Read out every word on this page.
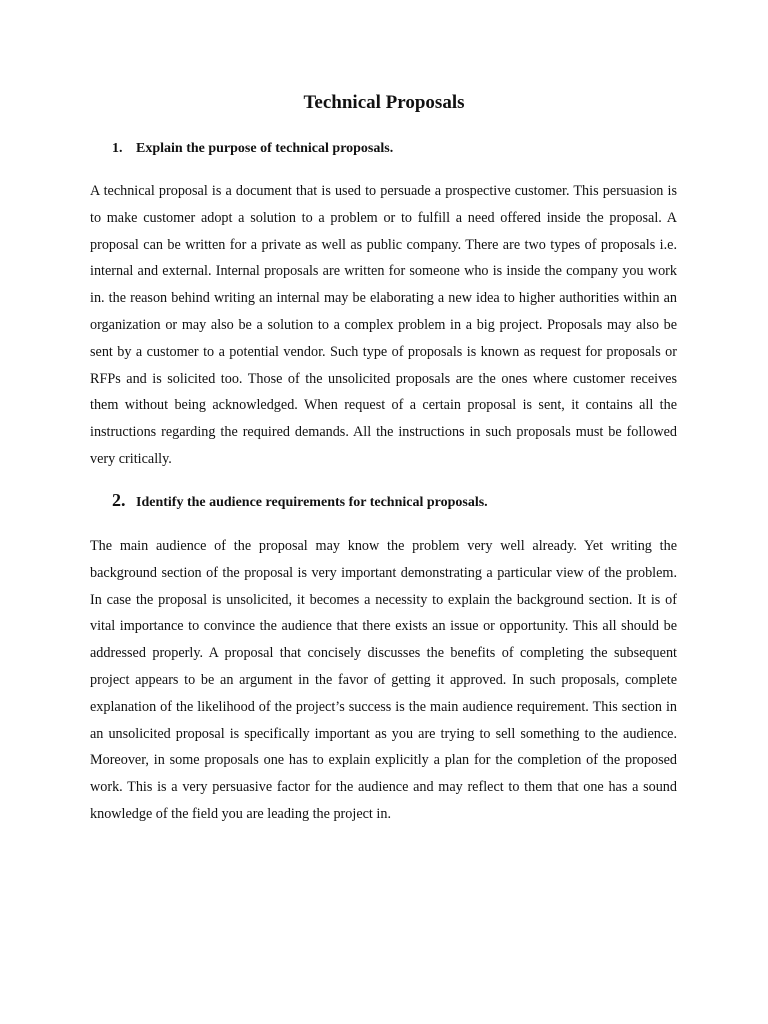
Technical Proposals
1. Explain the purpose of technical proposals.

A technical proposal is a document that is used to persuade a prospective customer. This persuasion is to make customer adopt a solution to a problem or to fulfill a need offered inside the proposal. A proposal can be written for a private as well as public company. There are two types of proposals i.e. internal and external. Internal proposals are written for someone who is inside the company you work in. the reason behind writing an internal may be elaborating a new idea to higher authorities within an organization or may also be a solution to a complex problem in a big project. Proposals may also be sent by a customer to a potential vendor. Such type of proposals is known as request for proposals or RFPs and is solicited too. Those of the unsolicited proposals are the ones where customer receives them without being acknowledged. When request of a certain proposal is sent, it contains all the instructions regarding the required demands. All the instructions in such proposals must be followed very critically.

2. Identify the audience requirements for technical proposals.

The main audience of the proposal may know the problem very well already. Yet writing the background section of the proposal is very important demonstrating a particular view of the problem. In case the proposal is unsolicited, it becomes a necessity to explain the background section. It is of vital importance to convince the audience that there exists an issue or opportunity. This all should be addressed properly. A proposal that concisely discusses the benefits of completing the subsequent project appears to be an argument in the favor of getting it approved. In such proposals, complete explanation of the likelihood of the project’s success is the main audience requirement. This section in an unsolicited proposal is specifically important as you are trying to sell something to the audience. Moreover, in some proposals one has to explain explicitly a plan for the completion of the proposed work. This is a very persuasive factor for the audience and may reflect to them that one has a sound knowledge of the field you are leading the project in.
